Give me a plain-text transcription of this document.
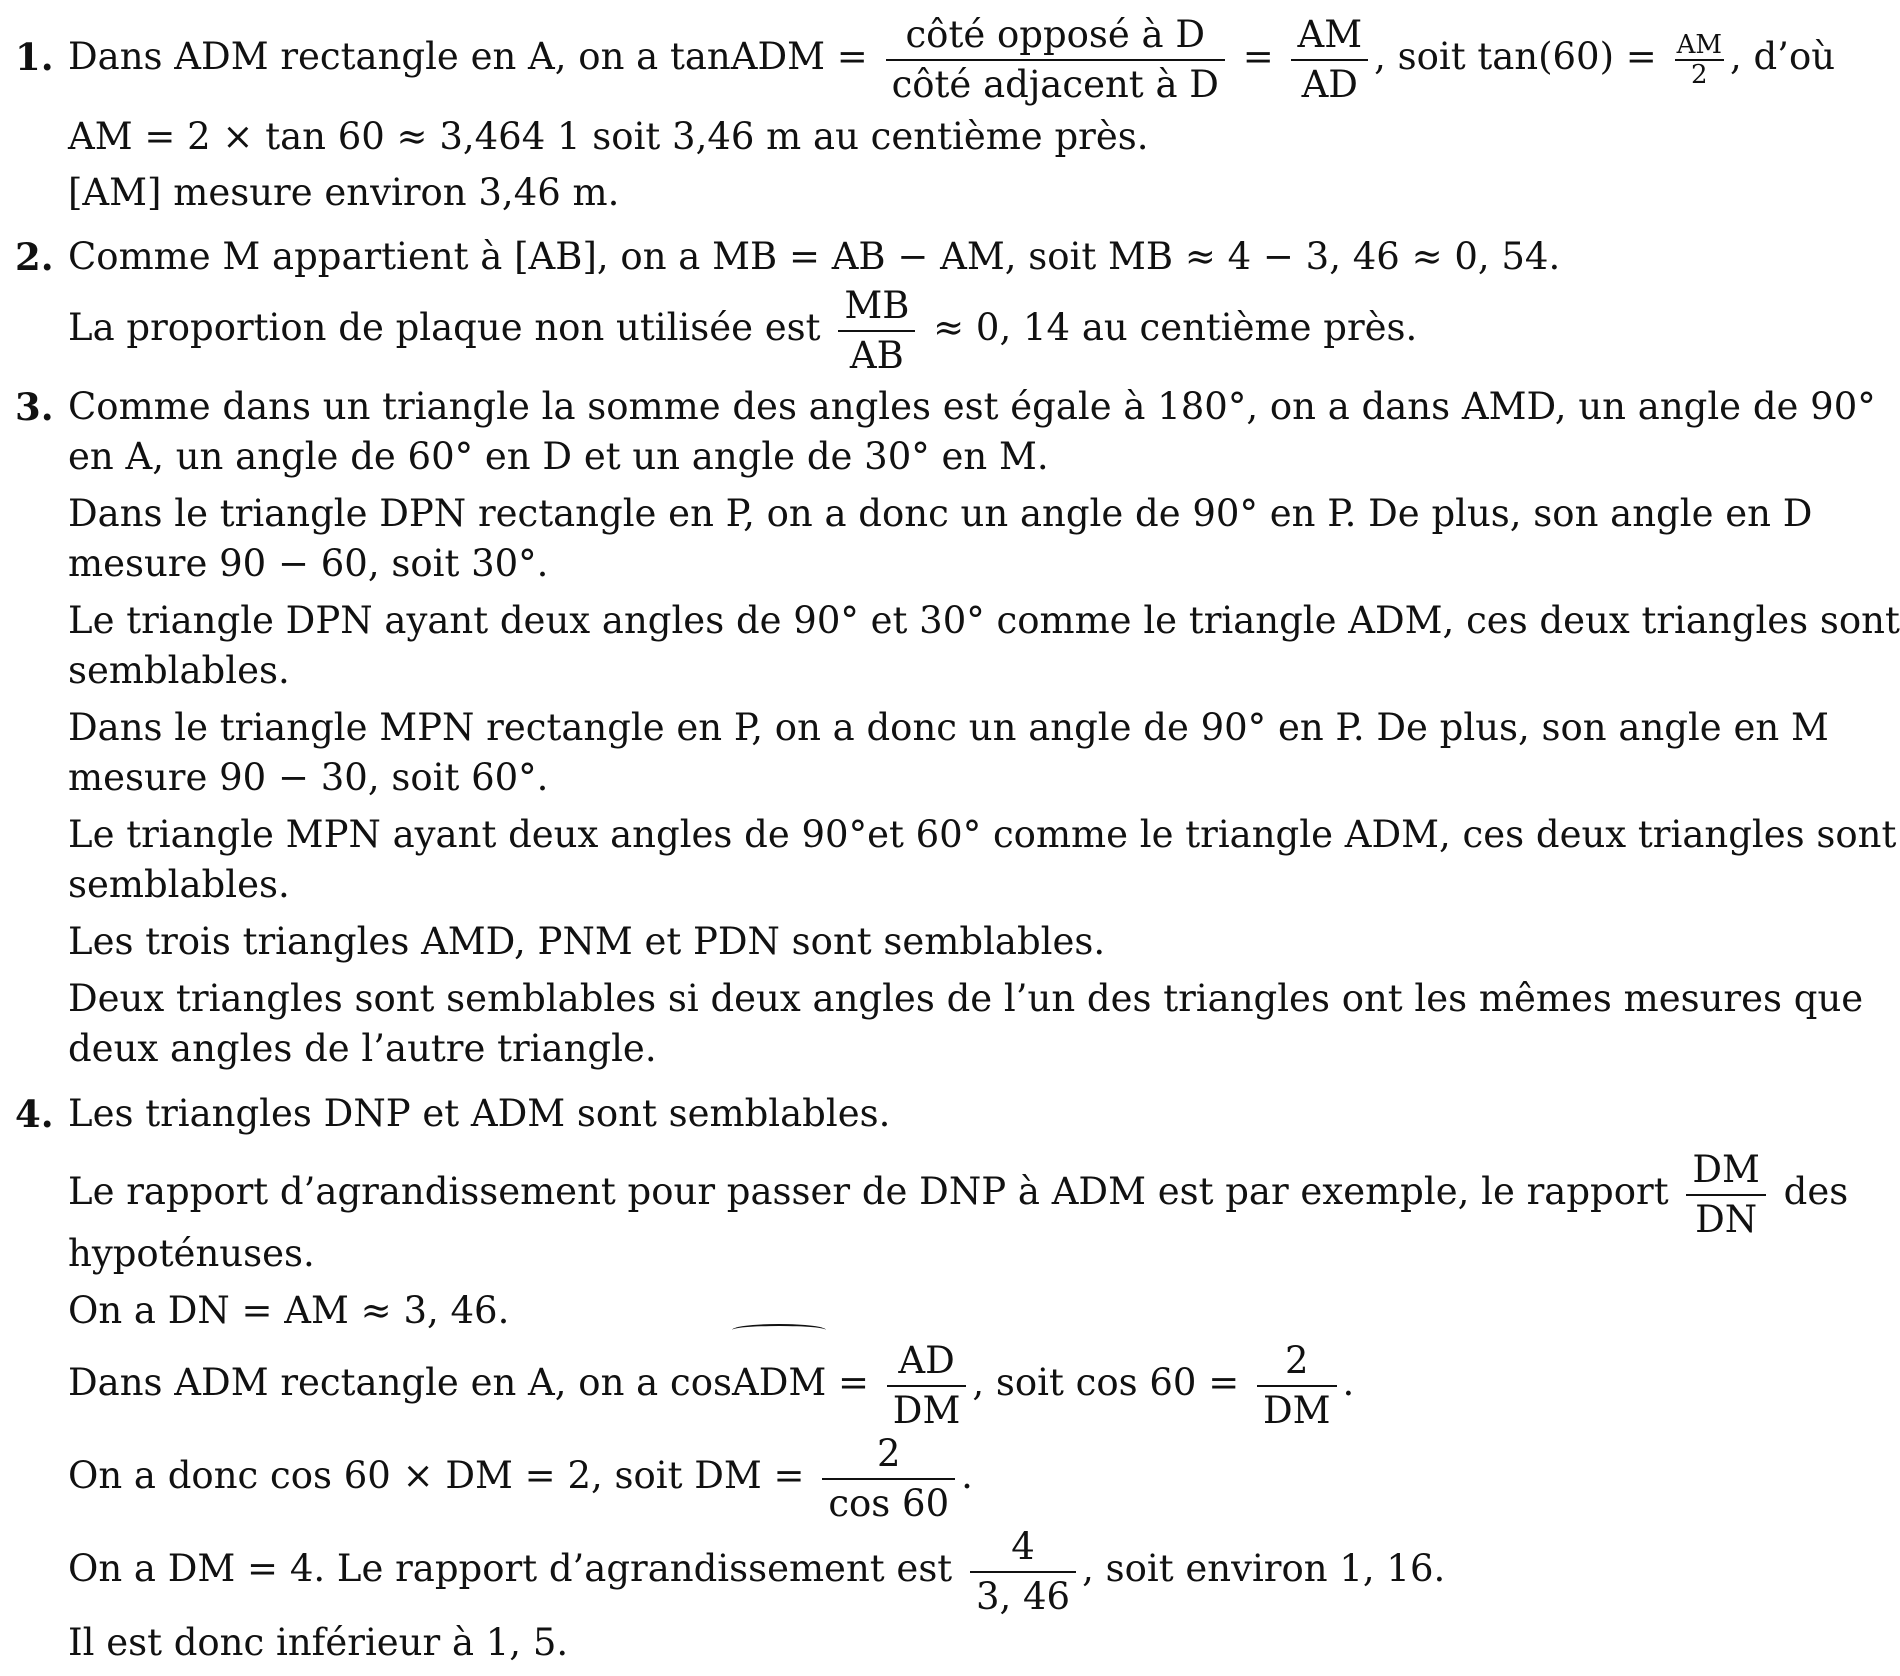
1. Dans ADM rectangle en A, on a tanADM = $\frac{\text{côté opposé à D}}{\text{côté adjacent à D}} = \frac{AM}{AD}$ , soit $\tan(60) = \frac{AM}{2}$ , d’où
AM = 2 × tan 60 ≈ 3,464 1 soit 3,46 m au centième près.
[AM] mesure environ 3,46 m.
2. Comme M appartient à [AB], on a MB = AB − AM, soit MB ≈ 4 − 3, 46 ≈ 0, 54.
La proportion de plaque non utilisée est $\frac{MB}{AB} \approx 0$, 14 au centième près.
3. Comme dans un triangle la somme des angles est égale à 180°, on a dans AMD, un angle de 90°
en A, un angle de 60° en D et un angle de 30° en M.
Dans le triangle DPN rectangle en P, on a donc un angle de 90° en P. De plus, son angle en D
mesure 90 − 60, soit 30°.
Le triangle DPN ayant deux angles de 90° et 30° comme le triangle ADM, ces deux triangles sont
semblables.
Dans le triangle MPN rectangle en P, on a donc un angle de 90° en P. De plus, son angle en M
mesure 90 − 30, soit 60°.
Le triangle MPN ayant deux angles de 90°et 60° comme le triangle ADM, ces deux triangles sont
semblables.
Les trois triangles AMD, PNM et PDN sont semblables.
Deux triangles sont semblables si deux angles de l’un des triangles ont les mêmes mesures que
deux angles de l’autre triangle.
4. Les triangles DNP et ADM sont semblables.
Le rapport d’agrandissement pour passer de DNP à ADM est par exemple, le rapport $\frac{DM}{DN}$ des
hypoténuses.
On a DN = AM ≈ 3, 46.
Dans ADM rectangle en A, on a cosADM = $\frac{AD}{DM}$ , soit $\cos 60 = \frac{2}{DM}$ .
On a donc cos 60 × DM = 2, soit DM = $\frac{2}{\cos 60}$ .
On a DM = 4. Le rapport d’agrandissement est $\frac{4}{3, 46}$ , soit environ 1, 16.
Il est donc inférieur à 1, 5.
